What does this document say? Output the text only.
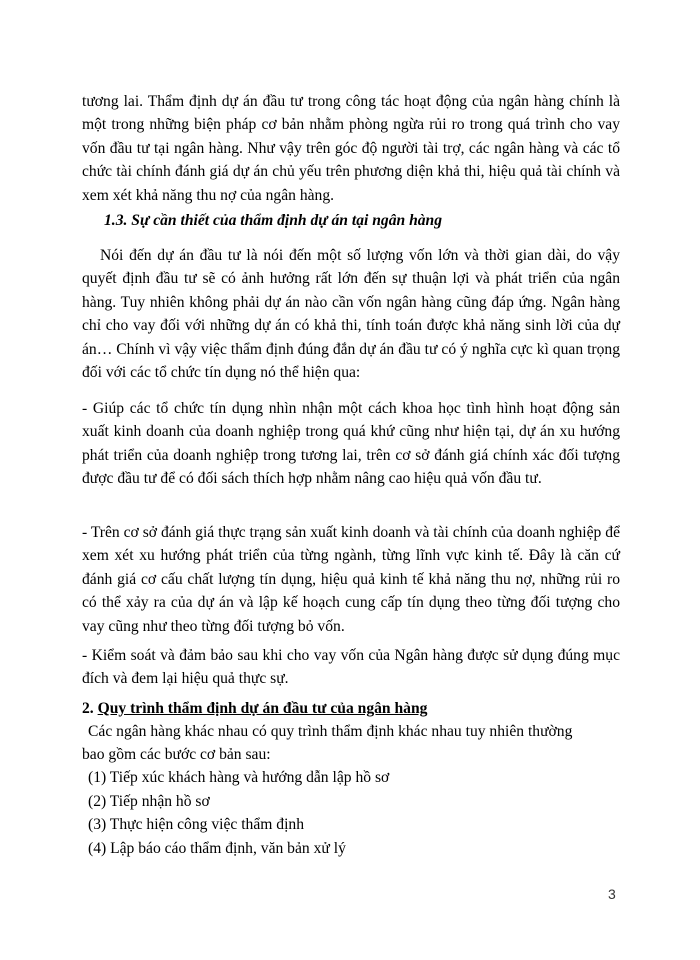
tương lai. Thẩm định dự án đầu tư trong công tác hoạt động của ngân hàng chính là một trong những biện pháp cơ bản nhằm phòng ngừa rủi ro trong quá trình cho vay vốn đầu tư tại ngân hàng. Như vậy trên góc độ người tài trợ, các ngân hàng và các tổ chức tài chính đánh giá dự án chủ yếu trên phương diện khả thi, hiệu quả tài chính và xem xét khả năng thu nợ của ngân hàng.

1.3. Sự cần thiết của thẩm định dự án tại ngân hàng

Nói đến dự án đầu tư là nói đến một số lượng vốn lớn và thời gian dài, do vậy quyết định đầu tư sẽ có ảnh hưởng rất lớn đến sự thuận lợi và phát triển của ngân hàng. Tuy nhiên không phải dự án nào cần vốn ngân hàng cũng đáp ứng. Ngân hàng chỉ cho vay đối với những dự án có khả thi, tính toán được khả năng sinh lời của dự án… Chính vì vậy việc thẩm định đúng đắn dự án đầu tư có ý nghĩa cực kì quan trọng đối với các tổ chức tín dụng nó thể hiện qua:

- Giúp các tổ chức tín dụng nhìn nhận một cách khoa học tình hình hoạt động sản xuất kinh doanh của doanh nghiệp trong quá khứ cũng như hiện tại, dự án xu hướng phát triển của doanh nghiệp trong tương lai, trên cơ sở đánh giá chính xác đối tượng được đầu tư để có đối sách thích hợp nhằm nâng cao hiệu quả vốn đầu tư.

- Trên cơ sở đánh giá thực trạng sản xuất kinh doanh và tài chính của doanh nghiệp để xem xét xu hướng phát triển của từng ngành, từng lĩnh vực kinh tế. Đây là căn cứ đánh giá cơ cấu chất lượng tín dụng, hiệu quả kinh tế khả năng thu nợ, những rủi ro có thể xảy ra của dự án và lập kế hoạch cung cấp tín dụng theo từng đối tượng cho vay cũng như theo từng đối tượng bỏ vốn.

- Kiểm soát và đảm bảo sau khi cho vay vốn của Ngân hàng được sử dụng đúng mục đích và đem lại hiệu quả thực sự.

2. Quy trình thẩm định dự án đầu tư của ngân hàng

Các ngân hàng khác nhau có quy trình thẩm định khác nhau tuy nhiên thường bao gồm các bước cơ bản sau:

(1) Tiếp xúc khách hàng và hướng dẫn lập hồ sơ
(2) Tiếp nhận hồ sơ
(3) Thực hiện công việc thẩm định
(4) Lập báo cáo thẩm định, văn bản xử lý
3
